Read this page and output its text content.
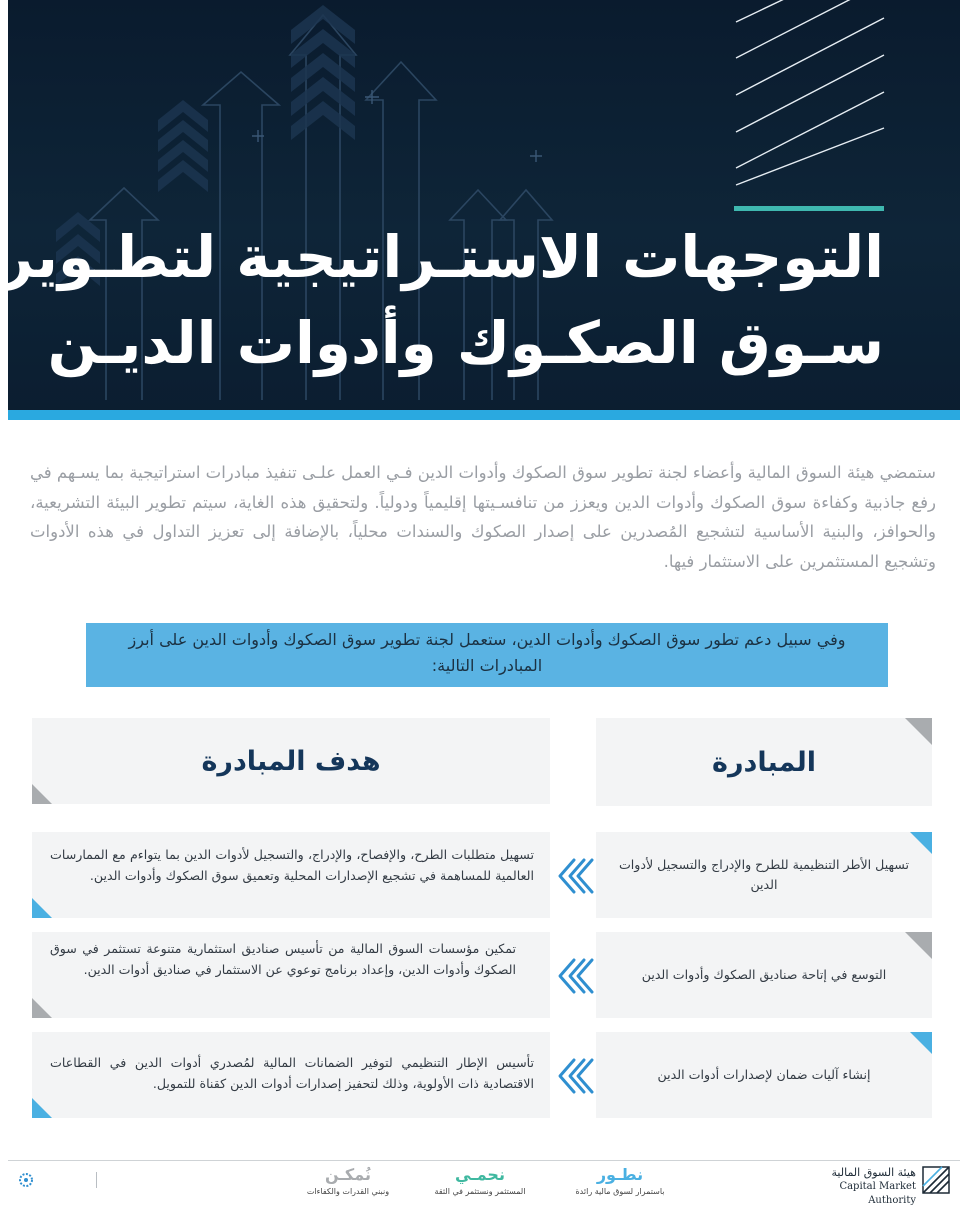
التوجهات الاستـراتيجية لتطـوير
سـوق الصكـوك وأدوات الديـن

ستمضي هيئة السوق المالية وأعضاء لجنة تطوير سوق الصكوك وأدوات الدين فـي العمل علـى تنفيذ مبادرات استراتيجية بما يسـهم في رفع جاذبية وكفاءة سوق الصكوك وأدوات الدين ويعزز من تنافسـيتها إقليمياً ودولياً. ولتحقيق هذه الغاية، سيتم تطوير البيئة التشريعية، والحوافز، والبنية الأساسية لتشجيع المُصدرين على إصدار الصكوك والسندات محلياً، بالإضافة إلى تعزيز التداول في هذه الأدوات وتشجيع المستثمرين على الاستثمار فيها.

وفي سبيل دعم تطور سوق الصكوك وأدوات الدين، ستعمل لجنة تطوير سوق الصكوك وأدوات الدين على أبرز المبادرات التالية:
المبادرة
هدف المبادرة
تسهيل الأطر التنظيمية للطرح والإدراج والتسجيل لأدوات الدين
تسهيل متطلبات الطرح، والإفصاح، والإدراج، والتسجيل لأدوات الدين بما يتواءم مع الممارسات العالمية للمساهمة في تشجيع الإصدارات المحلية وتعميق سوق الصكوك وأدوات الدين.
التوسع في إتاحة صناديق الصكوك وأدوات الدين
تمكين مؤسسات السوق المالية من تأسيس صناديق استثمارية متنوعة تستثمر في سوق الصكوك وأدوات الدين، وإعداد برنامج توعوي عن الاستثمار في صناديق أدوات الدين.
إنشاء آليات ضمان لإصدارات أدوات الدين
تأسيس الإطار التنظيمي لتوفير الضمانات المالية لمُصدري أدوات الدين في القطاعات الاقتصادية ذات الأولوية، وذلك لتحفيز إصدارات أدوات الدين كقناة للتمويل.
هيئة السوق المالية
Capital Market Authority
نطـور
باستمرار لسوق مالية رائدة
نحمـي
المستثمر ونستثمر في الثقة
نُمكـن
ونبني القدرات والكفاءات
